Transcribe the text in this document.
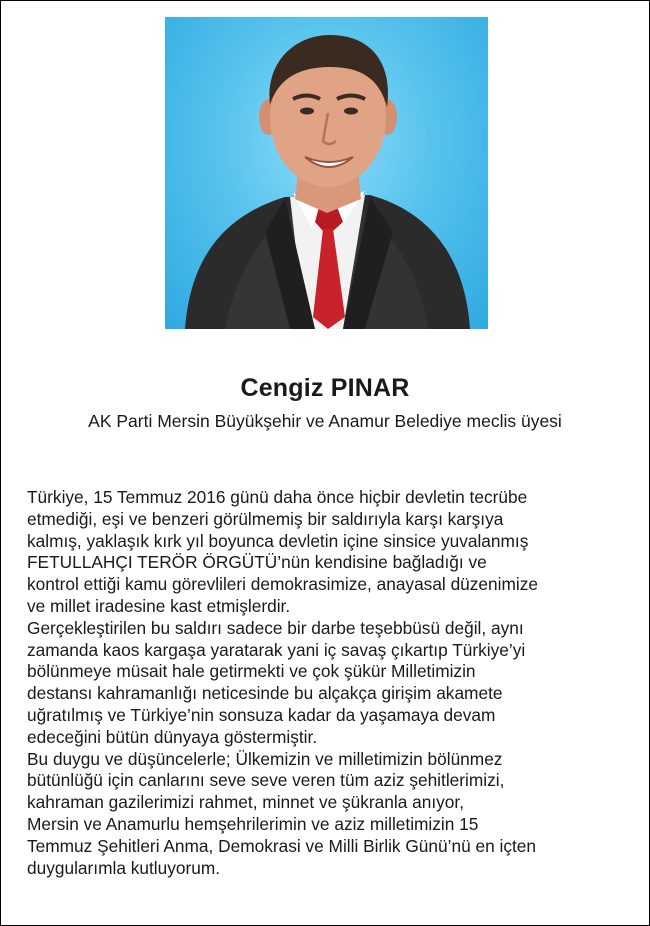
Cengiz PINAR
AK Parti Mersin Büyükşehir ve Anamur Belediye meclis üyesi
Türkiye, 15 Temmuz 2016 günü daha önce hiçbir devletin tecrübe
etmediği, eşi ve benzeri görülmemiş bir saldırıyla karşı karşıya
kalmış, yaklaşık kırk yıl boyunca devletin içine sinsice yuvalanmış
FETULLAHÇI TERÖR ÖRGÜTÜ’nün kendisine bağladığı ve
kontrol ettiği kamu görevlileri demokrasimize, anayasal düzenimize
ve millet iradesine kast etmişlerdir.
Gerçekleştirilen bu saldırı sadece bir darbe teşebbüsü değil, aynı
zamanda kaos kargaşa yaratarak yani iç savaş çıkartıp Türkiye’yi
bölünmeye müsait hale getirmekti ve çok şükür Milletimizin
destansı kahramanlığı neticesinde bu alçakça girişim akamete
uğratılmış ve Türkiye’nin sonsuza kadar da yaşamaya devam
edeceğini bütün dünyaya göstermiştir.
Bu duygu ve düşüncelerle; Ülkemizin ve milletimizin bölünmez
bütünlüğü için canlarını seve seve veren tüm aziz şehitlerimizi,
kahraman gazilerimizi rahmet, minnet ve şükranla anıyor,
Mersin ve Anamurlu hemşehrilerimin ve aziz milletimizin 15
Temmuz Şehitleri Anma, Demokrasi ve Milli Birlik Günü’nü en içten
duygularımla kutluyorum.
